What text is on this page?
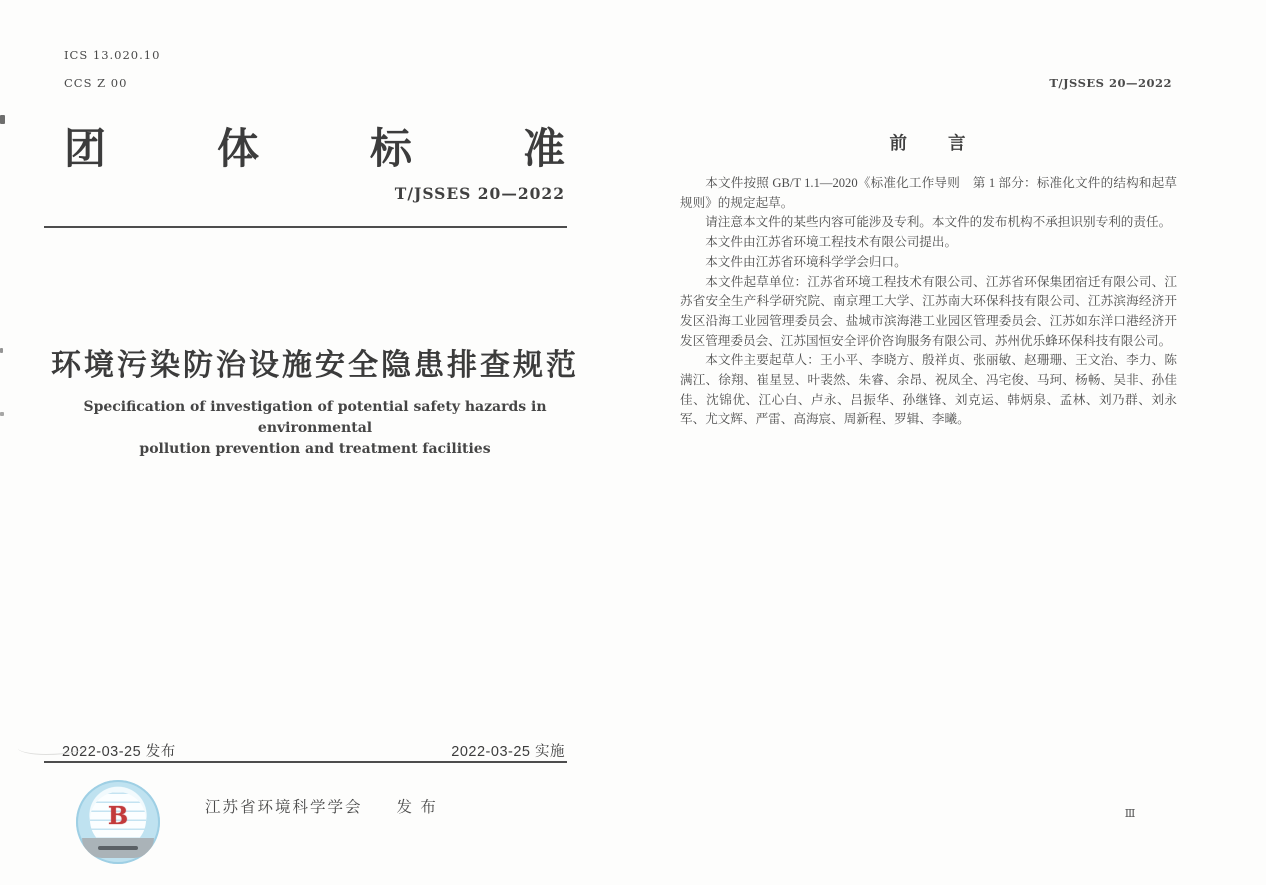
ICS 13.020.10

CCS Z 00

团	体	标	准
T/JSSES 20—2022
环境污染防治设施安全隐患排查规范
Specification of investigation of potential safety hazards in environmental
pollution prevention and treatment facilities
2022-03-25 发布	2022-03-25 实施
B	江苏省环境科学学会 发 布
T/JSSES 20—2022
前　　言

本文件按照 GB/T 1.1—2020《标准化工作导则　第 1 部分：标准化文件的结构和起草规则》的规定起草。

请注意本文件的某些内容可能涉及专利。本文件的发布机构不承担识别专利的责任。

本文件由江苏省环境工程技术有限公司提出。

本文件由江苏省环境科学学会归口。

本文件起草单位：江苏省环境工程技术有限公司、江苏省环保集团宿迁有限公司、江苏省安全生产科学研究院、南京理工大学、江苏南大环保科技有限公司、江苏滨海经济开发区沿海工业园管理委员会、盐城市滨海港工业园区管理委员会、江苏如东洋口港经济开发区管理委员会、江苏国恒安全评价咨询服务有限公司、苏州优乐蜂环保科技有限公司。

本文件主要起草人：王小平、李晓方、殷祥贞、张丽敏、赵珊珊、王文治、李力、陈满江、徐翔、崔星昱、叶裴然、朱睿、余昂、祝凤全、冯宅俊、马珂、杨畅、吴非、孙佳佳、沈锦优、江心白、卢永、吕振华、孙继锋、刘克运、韩炳泉、孟林、刘乃群、刘永军、尤文辉、严雷、高海宸、周新程、罗辑、李曦。

Ⅲ
